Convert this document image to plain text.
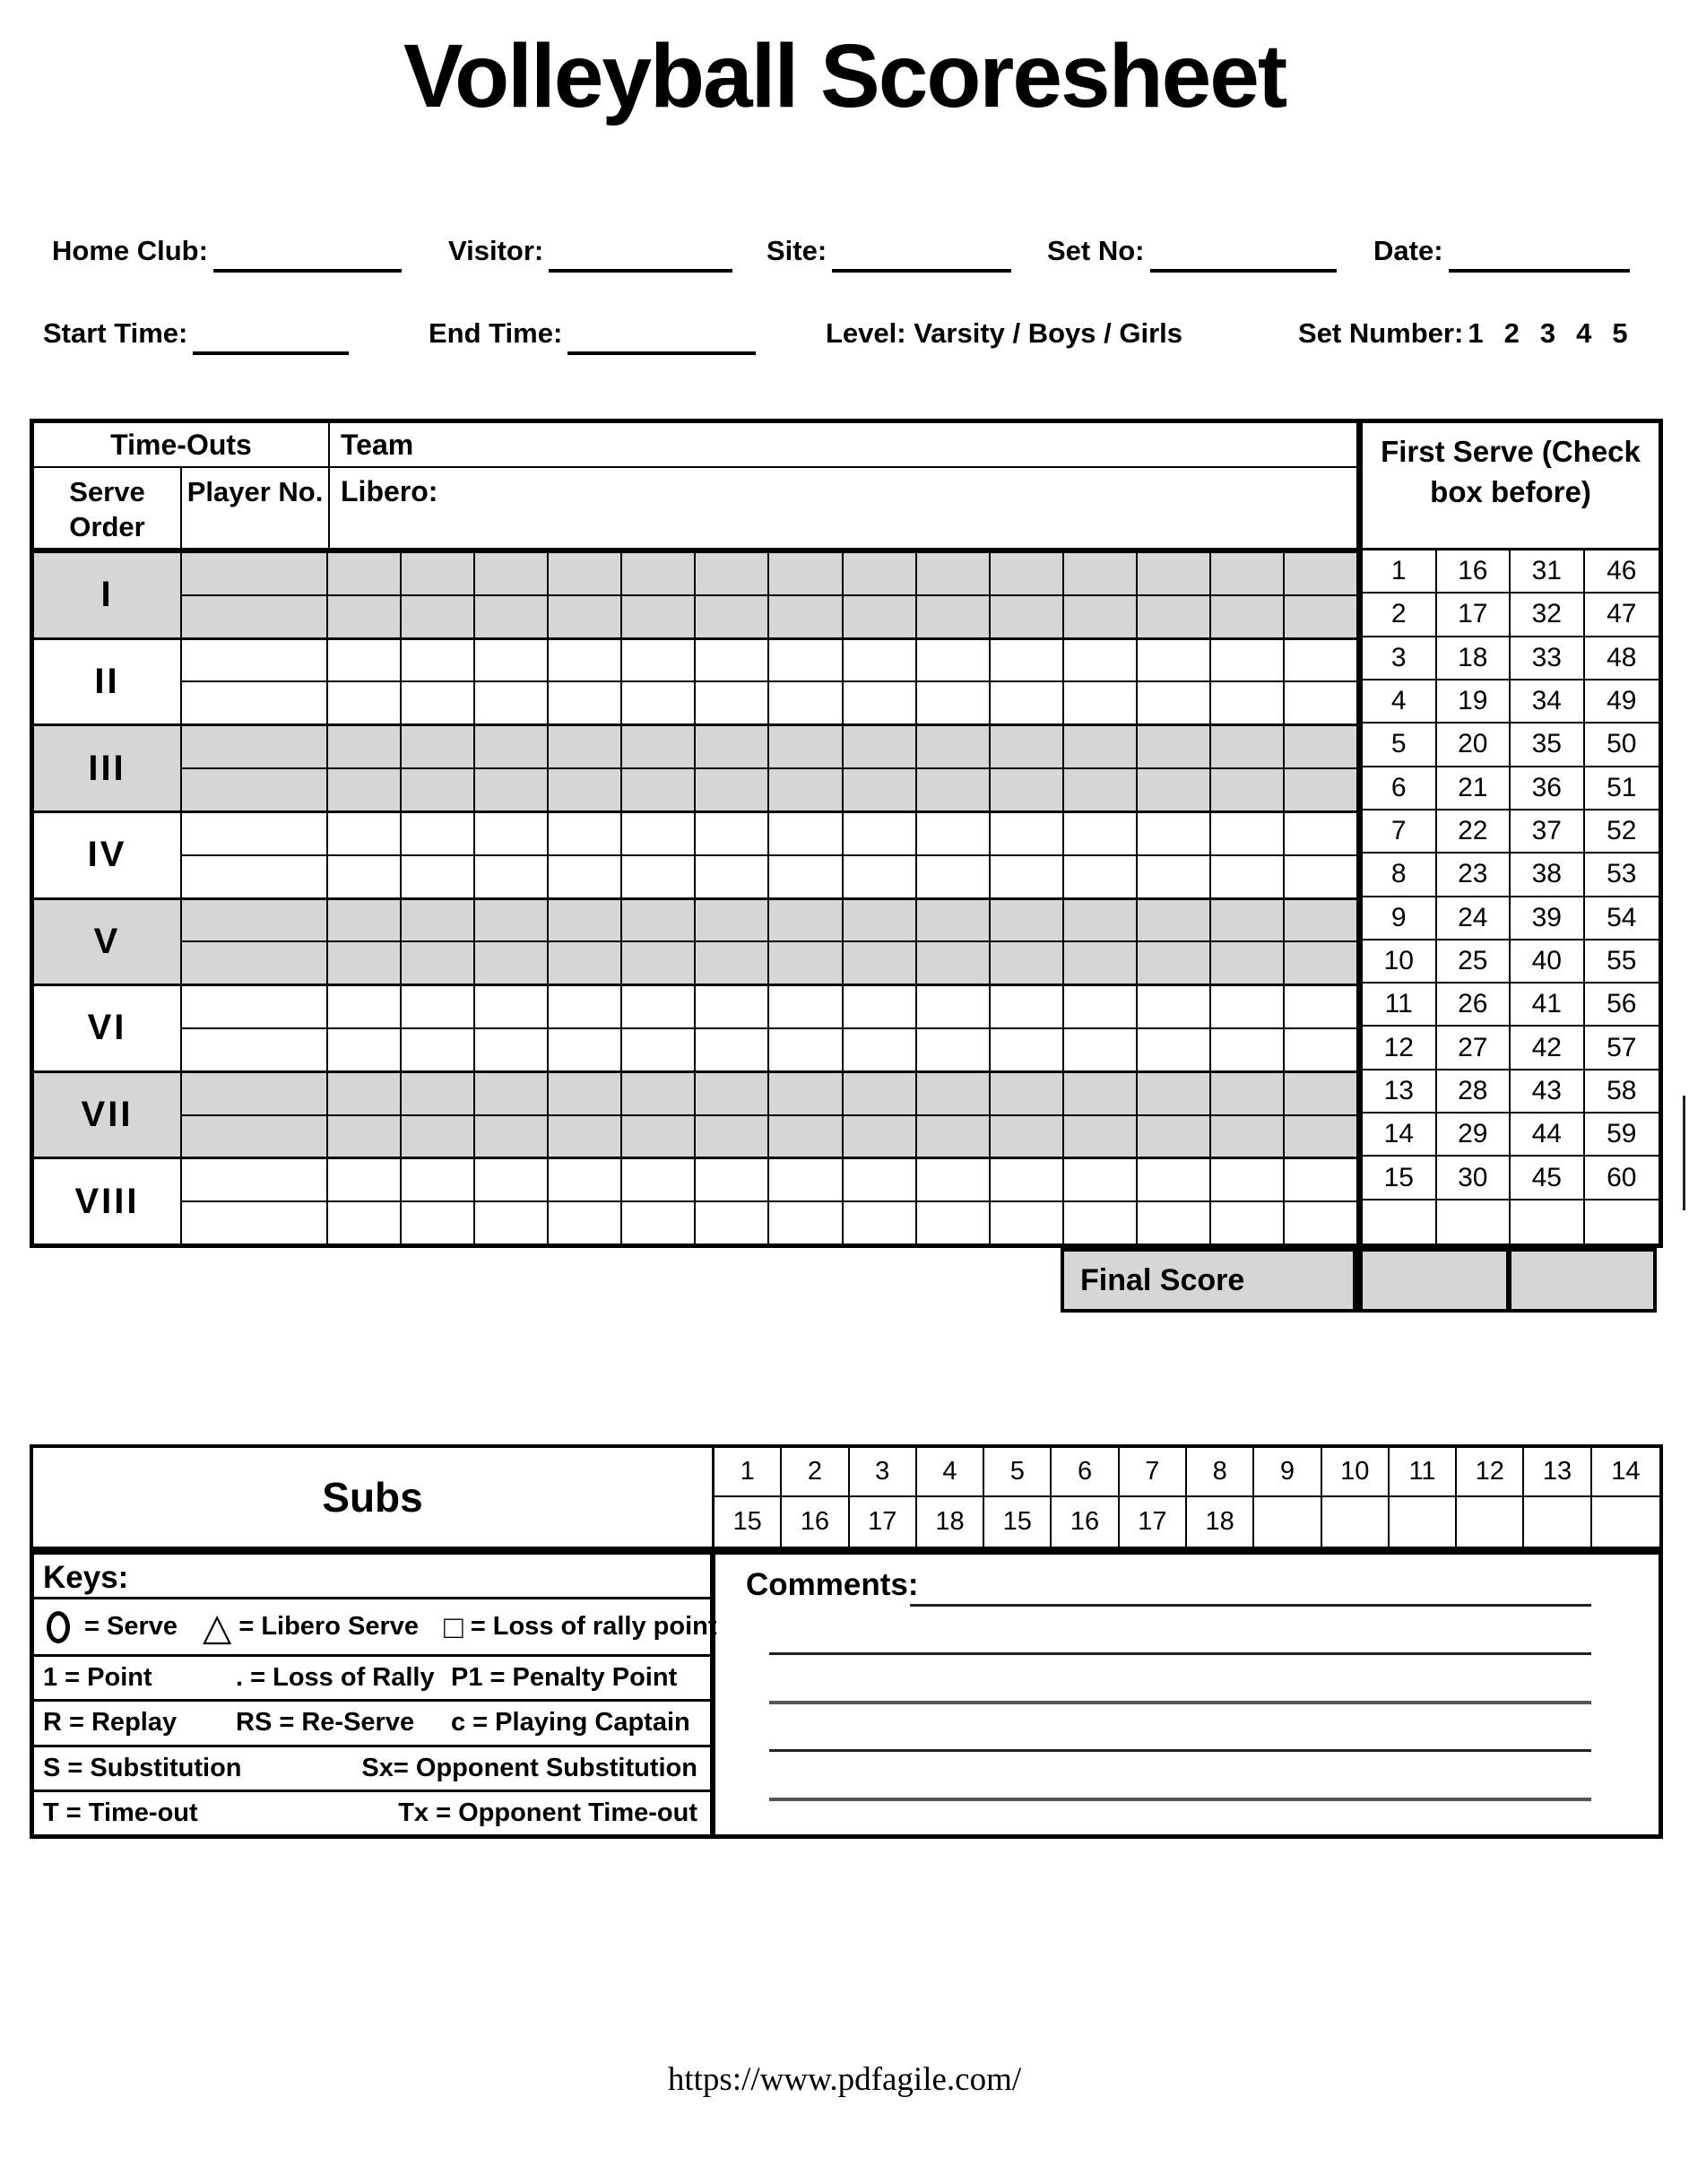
Volleyball Scoresheet
Home Club:	Visitor:	Site:	Set No:	Date:
Start Time:	End Time:	Level: Varsity / Boys / Girls	Set Number: 1 2 3 4 5
Time-Outs	Team
Serve Order
Player No. Libero:
I
II
III
IV
V
VI
VII
VIII
First Serve (Check box before)
1	16	31	46
2	17	32	47
3	18	33	48
4	19	34	49
5	20	35	50
6	21	36	51
7	22	37	52
8	23	38	53
9	24	39	54
10	25	40	55
11	26	41	56
12	27	42	57
13	28	43	58
14	29	44	59
15	30	45	60
Final Score
Subs
1	2	3	4	5	6	7	8	9	10	11	12	13	14
15	16	17	18	15	16	17	18
Keys:
= Serve △ = Libero Serve □ = Loss of rally point
1 = Point	. = Loss of Rally P1 = Penalty Point
R = Replay	RS = Re-Serve	c = Playing Captain
S = Substitution	Sx= Opponent Substitution
T = Time-out	Tx = Opponent Time-out
Comments:
https://www.pdfagile.com/
